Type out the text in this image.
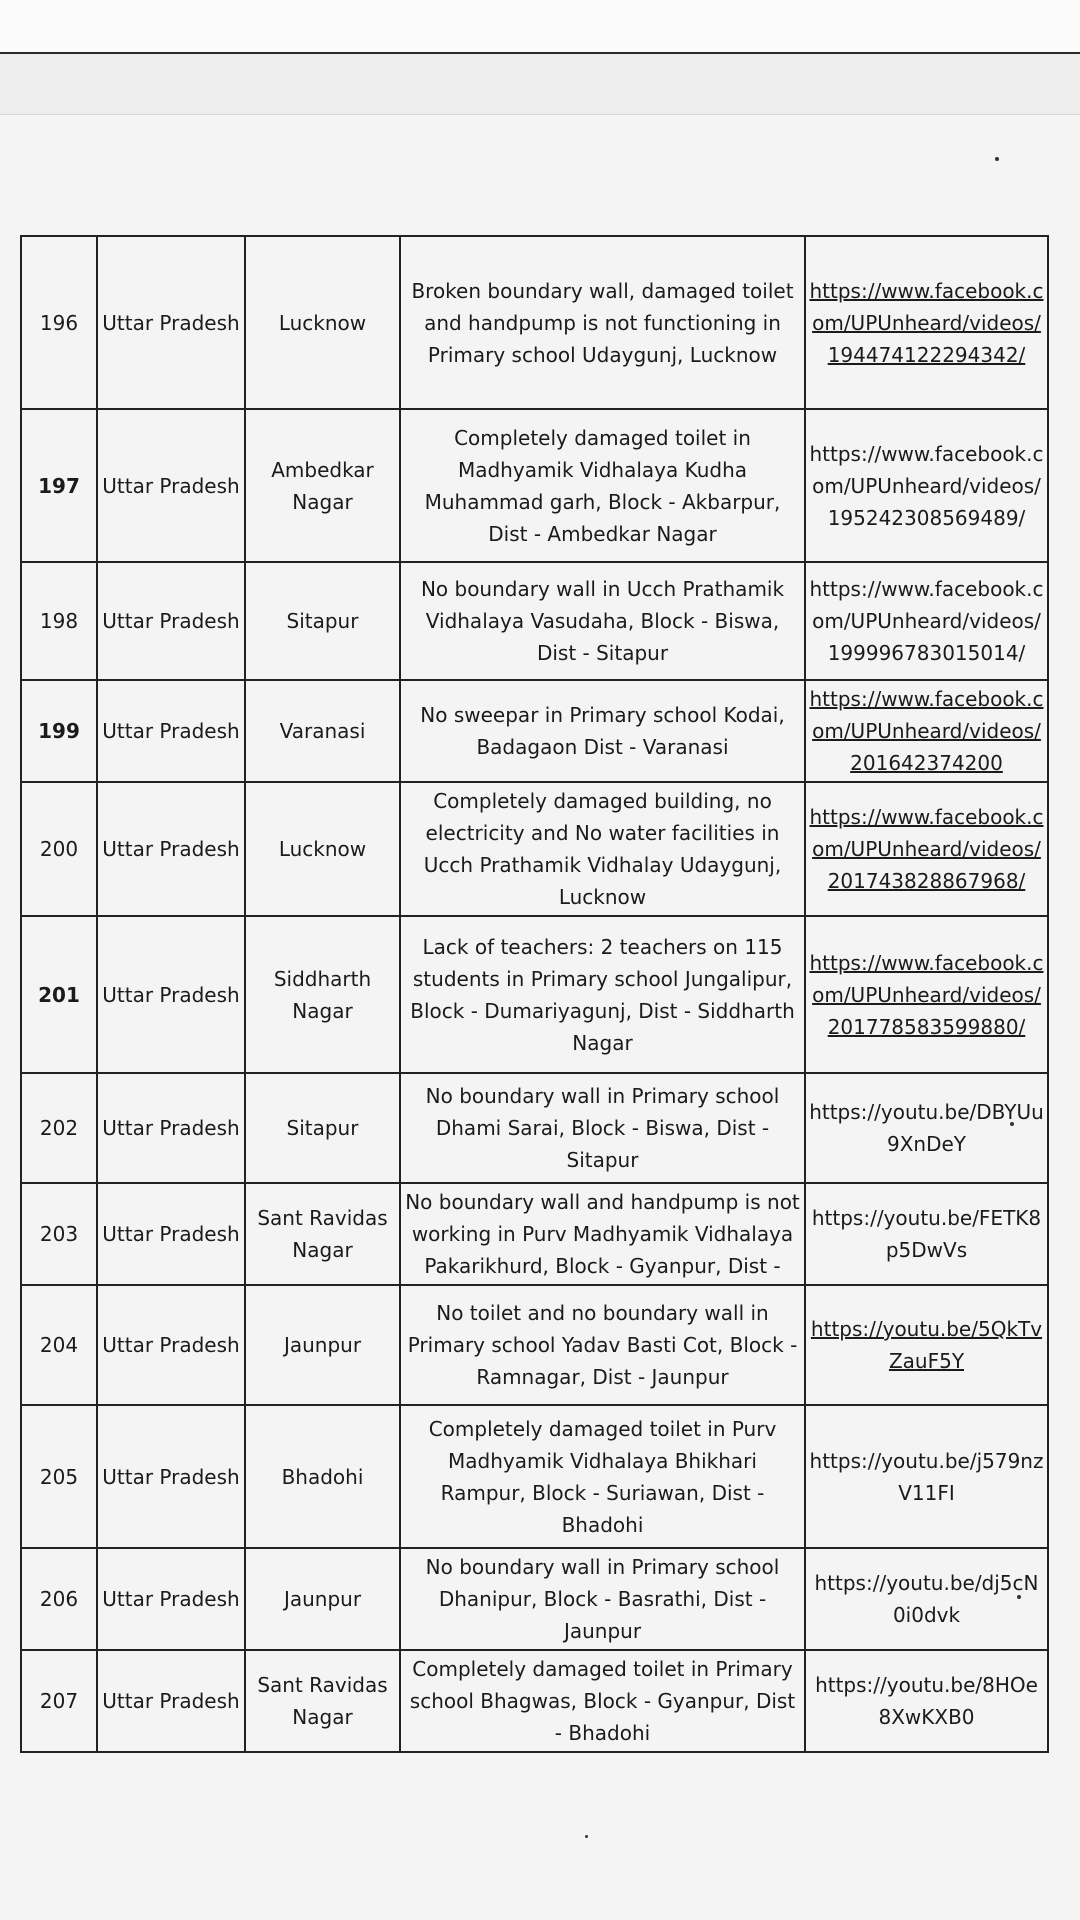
196	Uttar Pradesh	Lucknow	Broken boundary wall, damaged toilet and handpump is not functioning in Primary school Udaygunj, Lucknow	https://www.facebook.com/UPUnheard/videos/194474122294342/
197	Uttar Pradesh	Ambedkar Nagar	Completely damaged toilet in Madhyamik Vidhalaya Kudha Muhammad garh, Block - Akbarpur, Dist - Ambedkar Nagar	https://www.facebook.com/UPUnheard/videos/195242308569489/
198	Uttar Pradesh	Sitapur	No boundary wall in Ucch Prathamik Vidhalaya Vasudaha, Block - Biswa, Dist - Sitapur	https://www.facebook.com/UPUnheard/videos/199996783015014/
199	Uttar Pradesh	Varanasi	No sweepar in Primary school Kodai, Badagaon Dist - Varanasi	https://www.facebook.com/UPUnheard/videos/201642374200
200	Uttar Pradesh	Lucknow	Completely damaged building, no electricity and No water facilities in Ucch Prathamik Vidhalay Udaygunj, Lucknow	https://www.facebook.com/UPUnheard/videos/201743828867968/
201	Uttar Pradesh	Siddharth Nagar	Lack of teachers: 2 teachers on 115 students in Primary school Jungalipur, Block - Dumariyagunj, Dist - Siddharth Nagar	https://www.facebook.com/UPUnheard/videos/201778583599880/
202	Uttar Pradesh	Sitapur	No boundary wall in Primary school Dhami Sarai, Block - Biswa, Dist - Sitapur	https://youtu.be/DBYUu9XnDeY
203	Uttar Pradesh	Sant Ravidas Nagar	No boundary wall and handpump is not working in Purv Madhyamik Vidhalaya Pakarikhurd, Block - Gyanpur, Dist -	https://youtu.be/FETK8p5DwVs
204	Uttar Pradesh	Jaunpur	No toilet and no boundary wall in Primary school Yadav Basti Cot, Block - Ramnagar, Dist - Jaunpur	https://youtu.be/5QkTvZauF5Y
205	Uttar Pradesh	Bhadohi	Completely damaged toilet in Purv Madhyamik Vidhalaya Bhikhari Rampur, Block - Suriawan, Dist - Bhadohi	https://youtu.be/j579nzV11FI
206	Uttar Pradesh	Jaunpur	No boundary wall in Primary school Dhanipur, Block - Basrathi, Dist - Jaunpur	https://youtu.be/dj5cN0i0dvk
207	Uttar Pradesh	Sant Ravidas Nagar	Completely damaged toilet in Primary school Bhagwas, Block - Gyanpur, Dist - Bhadohi	https://youtu.be/8HOe8XwKXB0
